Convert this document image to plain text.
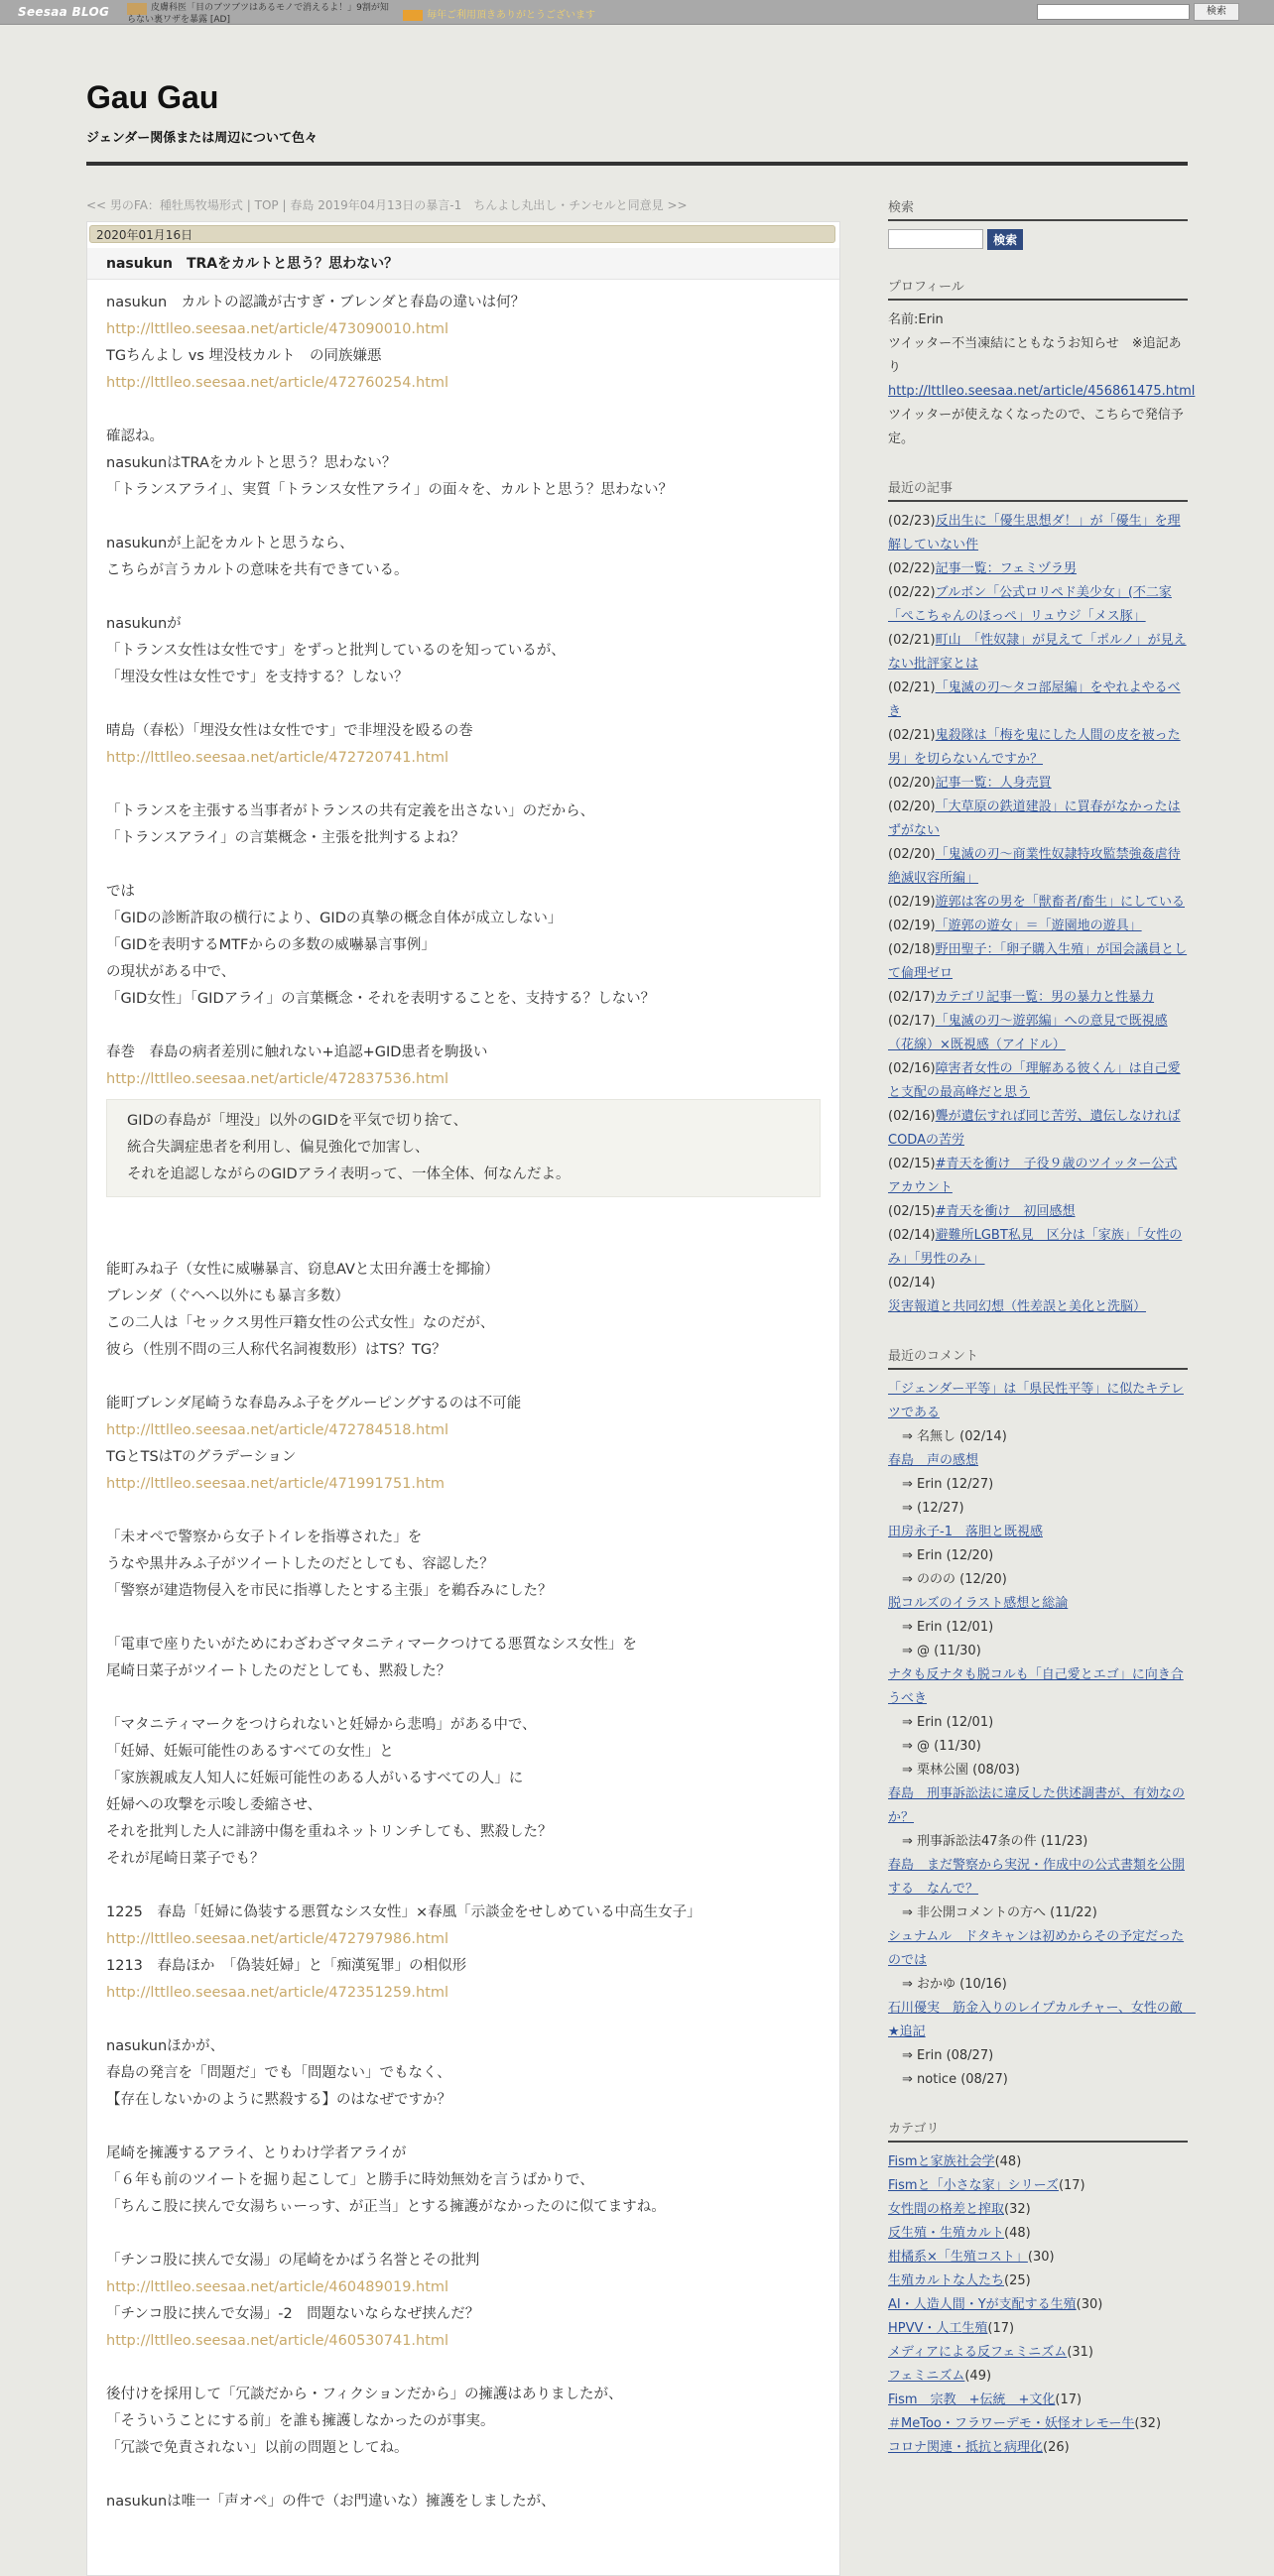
Seesaa BLOG	皮膚科医「目のブツブツはあるモノで消えるよ！」9割が知らない裏ワザを暴露 [AD]	毎年ご利用頂きありがとうございます	検索
Gau Gau
ジェンダー関係または周辺について色々
<< 男のFA：種牡馬牧場形式 | TOP | 春島 2019年04月13日の暴言-1　ちんよし丸出し・チンセルと同意見 >>
2020年01月16日
nasukun　TRAをカルトと思う？思わない？
nasukun　カルトの認識が古すぎ・ブレンダと春島の違いは何？
http://lttlleo.seesaa.net/article/473090010.html
TGちんよし vs 埋没枝カルト　の同族嫌悪
http://lttlleo.seesaa.net/article/472760254.html
確認ね。
nasukunはTRAをカルトと思う？思わない？
「トランスアライ」、実質「トランス女性アライ」の面々を、カルトと思う？思わない？
nasukunが上記をカルトと思うなら、
こちらが言うカルトの意味を共有できている。
nasukunが
「トランス女性は女性です」をずっと批判しているのを知っているが、
「埋没女性は女性です」を支持する？しない？
晴島（春松）「埋没女性は女性です」で非埋没を殴るの巻
http://lttlleo.seesaa.net/article/472720741.html
「トランスを主張する当事者がトランスの共有定義を出さない」のだから、
「トランスアライ」の言葉概念・主張を批判するよね？
では
「GIDの診断許取の横行により、GIDの真摯の概念自体が成立しない」
「GIDを表明するMTFからの多数の威嚇暴言事例」
の現状がある中で、
「GID女性」「GIDアライ」の言葉概念・それを表明することを、支持する？しない？
春巻　春島の病者差別に触れない+追認+GID患者を駒扱い
http://lttlleo.seesaa.net/article/472837536.html
GIDの春島が「埋没」以外のGIDを平気で切り捨て、
統合失調症患者を利用し、偏見強化で加害し、
それを追認しながらのGIDアライ表明って、一体全体、何なんだよ。
能町みね子（女性に威嚇暴言、窃息AVと太田弁護士を揶揄）
ブレンダ（ぐへへ以外にも暴言多数）
この二人は「セックス男性戸籍女性の公式女性」なのだが、
彼ら（性別不問の三人称代名詞複数形）はTS？TG？
能町ブレンダ尾崎うな春島みふ子をグルーピングするのは不可能
http://lttlleo.seesaa.net/article/472784518.html
TGとTSはTのグラデーション
http://lttlleo.seesaa.net/article/471991751.htm
「未オペで警察から女子トイレを指導された」を
うなや黒井みふ子がツイートしたのだとしても、容認した？
「警察が建造物侵入を市民に指導したとする主張」を鵜呑みにした？
「電車で座りたいがためにわざわざマタニティマークつけてる悪質なシス女性」を
尾崎日菜子がツイートしたのだとしても、黙殺した？
「マタニティマークをつけられないと妊婦から悲鳴」がある中で、
「妊婦、妊娠可能性のあるすべての女性」と
「家族親戚友人知人に妊娠可能性のある人がいるすべての人」に
妊婦への攻撃を示唆し委縮させ、
それを批判した人に誹謗中傷を重ねネットリンチしても、黙殺した？
それが尾崎日菜子でも？
1225　春島「妊婦に偽装する悪質なシス女性」×春風「示談金をせしめている中高生女子」
http://lttlleo.seesaa.net/article/472797986.html
1213　春島ほか　「偽装妊婦」と「痴漢冤罪」の相似形
http://lttlleo.seesaa.net/article/472351259.html
nasukunほかが、
春島の発言を「問題だ」でも「問題ない」でもなく、
【存在しないかのように黙殺する】のはなぜですか？
尾崎を擁護するアライ、とりわけ学者アライが
「６年も前のツイートを掘り起こして」と勝手に時効無効を言うばかりで、
「ちんこ股に挟んで女湯ちぃーっす、が正当」とする擁護がなかったのに似てますね。
「チンコ股に挟んで女湯」の尾崎をかばう名誉とその批判
http://lttlleo.seesaa.net/article/460489019.html
「チンコ股に挟んで女湯」-2　問題ないならなぜ挟んだ？
http://lttlleo.seesaa.net/article/460530741.html
後付けを採用して「冗談だから・フィクションだから」の擁護はありましたが、
「そういうことにする前」を誰も擁護しなかったのが事実。
「冗談で免責されない」以前の問題としてね。
nasukunは唯一「声オペ」の件で（お門違いな）擁護をしましたが、
検索
検索
プロフィール
名前:Erin
ツイッター不当凍結にともなうお知らせ　※追記あり
http://lttlleo.seesaa.net/article/456861475.html
ツイッターが使えなくなったので、こちらで発信予定。
最近の記事
(02/23)反出生に「優生思想ダ！」が「優生」を理解していない件
(02/22)記事一覧：フェミヅラ男
(02/22)ブルボン「公式ロリペド美少女」(不二家「ぺこちゃんのほっぺ」リュウジ「メス豚」
(02/21)町山　「性奴隷」が見えて「ポルノ」が見えない批評家とは
(02/21)「鬼滅の刃～タコ部屋編」をやれよやるべき
(02/21)鬼殺隊は「梅を鬼にした人間の皮を被った男」を切らないんですか？
(02/20)記事一覧：人身売買
(02/20)「大草原の鉄道建設」に買春がなかったはずがない
(02/20)「鬼滅の刃～商業性奴隷特攻監禁強姦虐待絶滅収容所編」
(02/19)遊郭は客の男を「獣畜者/畜生」にしている
(02/19)「遊郭の遊女」＝「遊園地の遊具」
(02/18)野田聖子：「卵子購入生殖」が国会議員として倫理ゼロ
(02/17)カテゴリ記事一覧：男の暴力と性暴力
(02/17)「鬼滅の刃～遊郭編」への意見で既視感（花線）×既視感（アイドル）
(02/16)障害者女性の「理解ある彼くん」は自己愛と支配の最高峰だと思う
(02/16)聾が遺伝すれば同じ苦労、遺伝しなければCODAの苦労
(02/15)#青天を衝け　子役９歳のツイッター公式アカウント
(02/15)#青天を衝け　初回感想
(02/14)避難所LGBT私見　区分は「家族」「女性のみ」「男性のみ」
(02/14)災害報道と共同幻想（性差誤と美化と洗脳）
最近のコメント
「ジェンダー平等」は「県民性平等」に似たキテレツである
⇒ 名無し (02/14)
春島　声の感想
⇒ Erin (12/27)
⇒ (12/27)
田房永子-1　落胆と既視感
⇒ Erin (12/20)
⇒ ののの (12/20)
脱コルズのイラスト感想と総論
⇒ Erin (12/01)
⇒ @ (11/30)
ナタも反ナタも脱コルも「自己愛とエゴ」に向き合うべき
⇒ Erin (12/01)
⇒ @ (11/30)
⇒ 栗林公園 (08/03)
春島　刑事訴訟法に違反した供述調書が、有効なのか？
⇒ 刑事訴訟法47条の件 (11/23)
春島　まだ警察から実況・作成中の公式書類を公開する　なんで？
⇒ 非公開コメントの方へ (11/22)
シュナムル　ドタキャンは初めからその予定だったのでは
⇒ おかゆ (10/16)
石川優実　筋金入りのレイプカルチャー、女性の敵　★追記
⇒ Erin (08/27)
⇒ notice (08/27)
カテゴリ
Fismと家族社会学(48)
Fismと「小さな家」シリーズ(17)
女性間の格差と搾取(32)
反生殖・生殖カルト(48)
柑橘系×「生殖コスト」(30)
生殖カルトな人たち(25)
AI・人造人間・Yが支配する生殖(30)
HPVV・人工生殖(17)
メディアによる反フェミニズム(31)
フェミニズム(49)
Fism　宗教　+伝統　+文化(17)
＃MeToo・フラワーデモ・妖怪オレモー牛(32)
コロナ関連・抵抗と病理化(26)
